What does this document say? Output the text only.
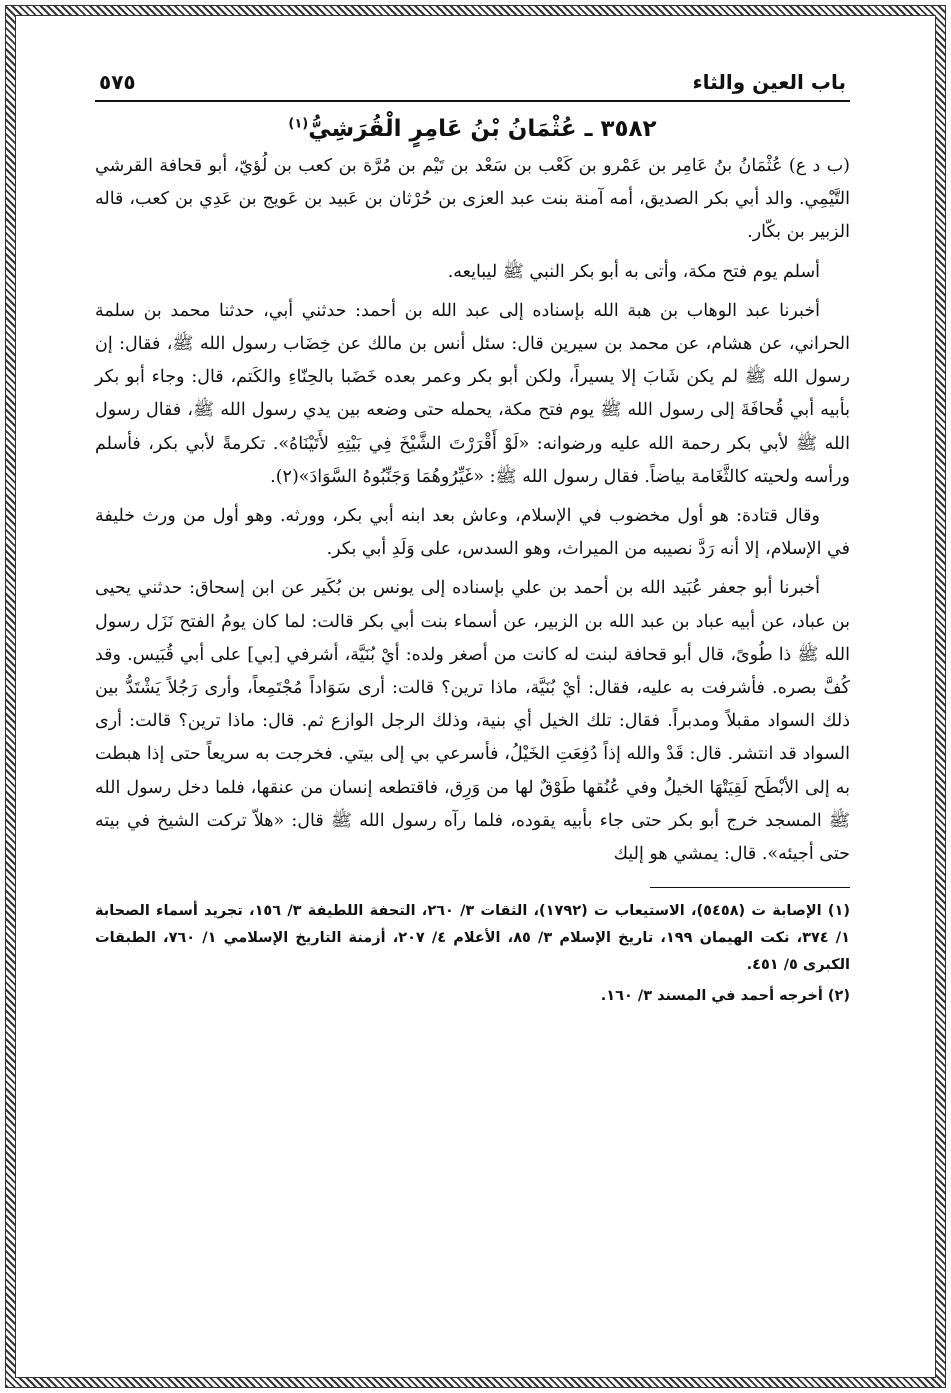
باب العين والثاء
٥٧٥
٣٥٨٢ ـ عُثْمَانُ بْنُ عَامِرٍ الْقُرَشِيُّ$^{(١)}$

(ب د ع) عُثْمَانُ بنُ عَامِر بن عَمْرو بن كَعْب بن سَعْد بن تَيْم بن مُرَّة بن كعب بن لُؤيّ، أبو قحافة القرشي التَّيْمِي. والد أبي بكر الصديق، أمه آمنة بنت عبد العزى بن حُرْثان بن عَبيد بن عَويج بن عَدِي بن كعب، قاله الزبير بن بكّار.

أسلم يوم فتح مكة، وأتى به أبو بكر النبي ﷺ ليبايعه.

أخبرنا عبد الوهاب بن هبة الله بإسناده إلى عبد الله بن أحمد: حدثني أبي، حدثنا محمد بن سلمة الحراني، عن هشام، عن محمد بن سيرين قال: سئل أنس بن مالك عن خِضَاب رسول الله ﷺ، فقال: إن رسول الله ﷺ لم يكن شَابَ إلا يسيراً، ولكن أبو بكر وعمر بعده خَضَبا بالحِنّاءِ والكَتم، قال: وجاء أبو بكر بأبيه أبي قُحافَةَ إلى رسول الله ﷺ يوم فتح مكة، يحمله حتى وضعه بين يدي رسول الله ﷺ، فقال رسول الله ﷺ لأبي بكر رحمة الله عليه ورضوانه: «لَوْ أَقْرَرْتَ الشَّيْخَ فِي بَيْتِهِ لأَتَيْنَاهُ». تكرمةً لأبي بكر، فأسلم ورأسه ولحيته كالثَّغَامة بياضاً. فقال رسول الله ﷺ: «غَيِّرُوهُمَا وَجَنِّبُوهُ السَّوَادَ»(٢).

وقال قتادة: هو أول مخضوب في الإسلام، وعاش بعد ابنه أبي بكر، وورثه. وهو أول من ورث خليفة في الإسلام، إلا أنه رَدَّ نصيبه من الميراث، وهو السدس، على وَلَدِ أبي بكر.

أخبرنا أبو جعفر عُبَيد الله بن أحمد بن علي بإسناده إلى يونس بن بُكَير عن ابن إسحاق: حدثني يحيى بن عباد، عن أبيه عباد بن عبد الله بن الزبير، عن أسماء بنت أبي بكر قالت: لما كان يومُ الفتح نَزَل رسول الله ﷺ ذا طُوىً، قال أبو قحافة لبنت له كانت من أصغر ولده: أيْ بُنَيَّة، أشرفي [بي] على أبي قُبَيس. وقد كُفَّ بصره. فأشرفت به عليه، فقال: أيْ بُنَيَّة، ماذا ترين؟ قالت: أرى سَوَاداً مُجْتَمِعاً، وأرى رَجُلاً يَشْتَدُّ بين ذلك السواد مقبلاً ومدبراً. فقال: تلك الخيل أي بنية، وذلك الرجل الوازع ثم. قال: ماذا ترين؟ قالت: أرى السواد قد انتشر. قال: قَدْ والله إذاً دُفِعَتِ الخَيْلُ، فأسرعي بي إلى بيتي. فخرجت به سريعاً حتى إذا هبطت به إلى الأبْطَح لَقِيَتْهَا الخيلُ وفي عُنُقها طَوْقٌ لها من وَرِق، فاقتطعه إنسان من عنقها، فلما دخل رسول الله ﷺ المسجد خرج أبو بكر حتى جاء بأبيه يقوده، فلما رآه رسول الله ﷺ قال: «هلاّ تركت الشيخ في بيته حتى أجيئه». قال: يمشي هو إليك

(١) الإصابة ت (٥٤٥٨)، الاستيعاب ت (١٧٩٢)، الثقات ٣/ ٢٦٠، التحفة اللطيفة ٣/ ١٥٦، تجريد أسماء الصحابة ١/ ٣٧٤، نكت الهيمان ١٩٩، تاريخ الإسلام ٣/ ٨٥، الأعلام ٤/ ٢٠٧، أزمنة التاريخ الإسلامي ١/ ٧٦٠، الطبقات الكبرى ٥/ ٤٥١.

(٢) أخرجه أحمد في المسند ٣/ ١٦٠.
